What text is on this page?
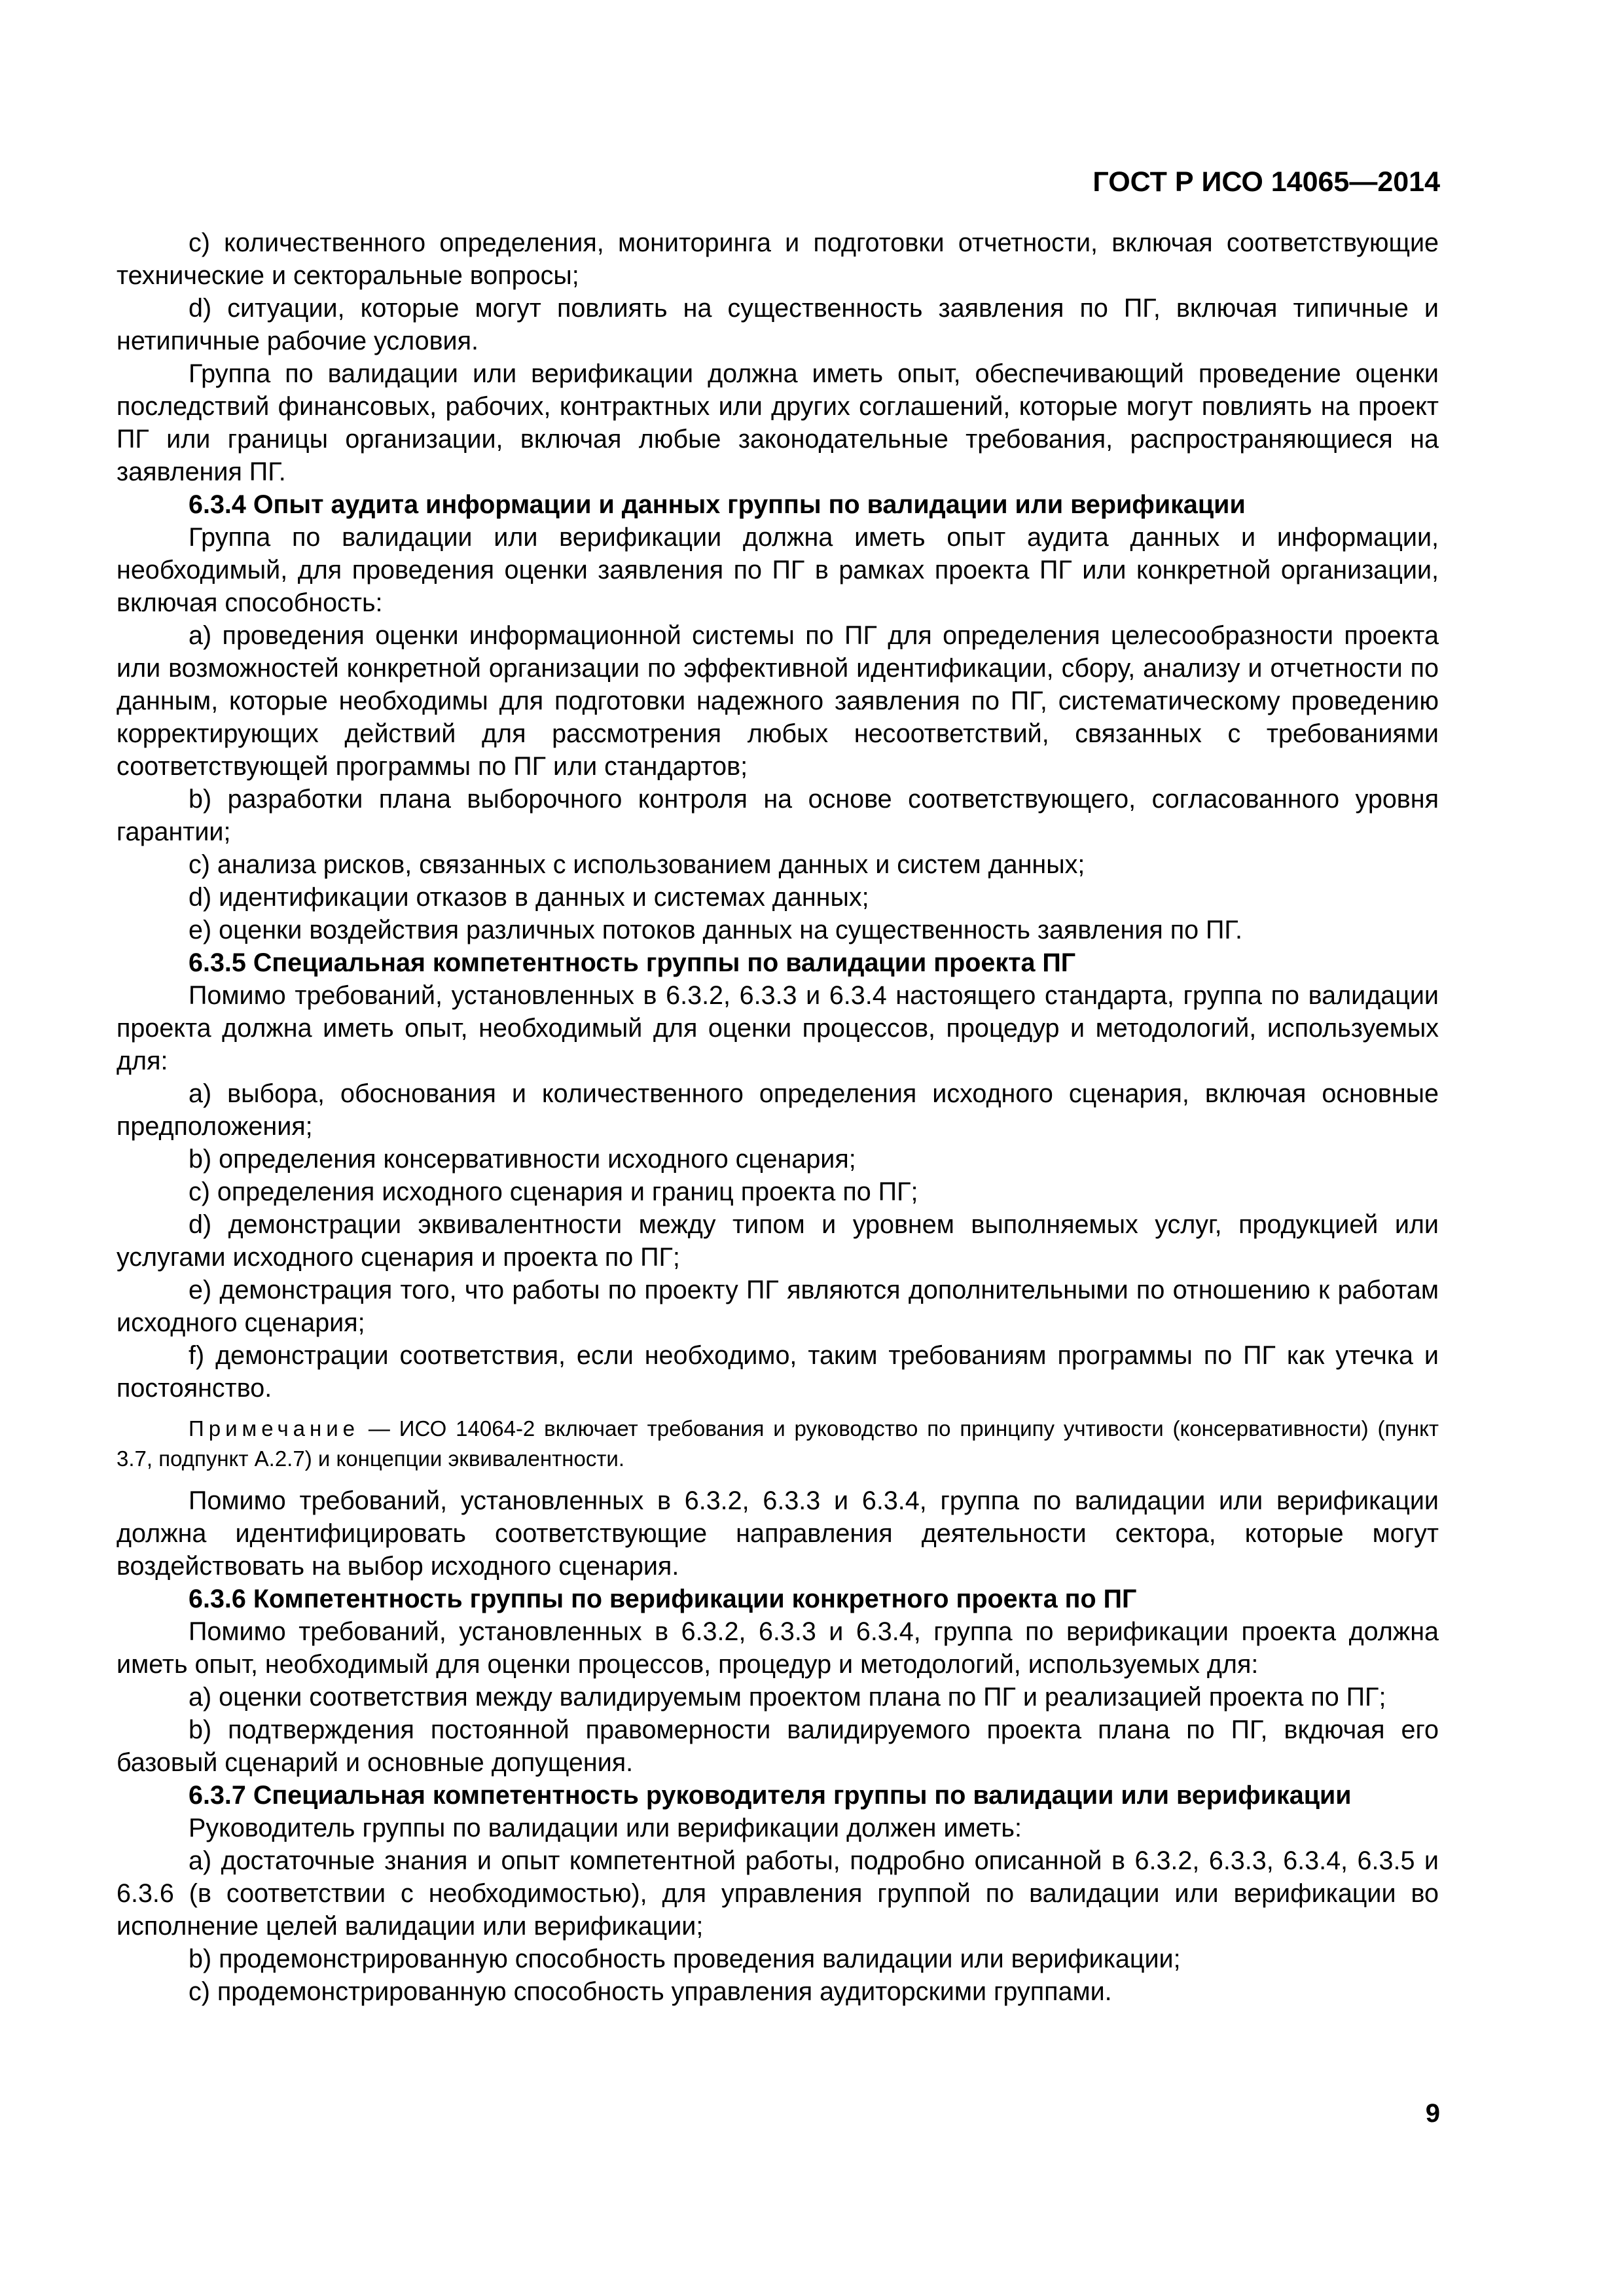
ГОСТ Р ИСО 14065—2014

c) количественного определения, мониторинга и подготовки отчетности, включая соответствующие технические и секторальные вопросы;

d) ситуации, которые могут повлиять на существенность заявления по ПГ, включая типичные и нетипичные рабочие условия.

Группа по валидации или верификации должна иметь опыт, обеспечивающий проведение оценки последствий финансовых, рабочих, контрактных или других соглашений, которые могут повлиять на проект ПГ или границы организации, включая любые законодательные требования, распространяющиеся на заявления ПГ.

6.3.4 Опыт аудита информации и данных группы по валидации или верификации

Группа по валидации или верификации должна иметь опыт аудита данных и информации, необходимый, для проведения оценки заявления по ПГ в рамках проекта ПГ или конкретной организации, включая способность:

a) проведения оценки информационной системы по ПГ для определения целесообразности проекта или возможностей конкретной организации по эффективной идентификации, сбору, анализу и отчетности по данным, которые необходимы для подготовки надежного заявления по ПГ, систематическому проведению корректирующих действий для рассмотрения любых несоответствий, связанных с требованиями соответствующей программы по ПГ или стандартов;

b) разработки плана выборочного контроля на основе соответствующего, согласованного уровня гарантии;

c) анализа рисков, связанных с использованием данных и систем данных;

d) идентификации отказов в данных и системах данных;

e) оценки воздействия различных потоков данных на существенность заявления по ПГ.

6.3.5 Специальная компетентность группы по валидации проекта ПГ

Помимо требований, установленных в 6.3.2, 6.3.3 и 6.3.4 настоящего стандарта, группа по валидации проекта должна иметь опыт, необходимый для оценки процессов, процедур и методологий, используемых для:

a) выбора, обоснования и количественного определения исходного сценария, включая основные предположения;

b) определения консервативности исходного сценария;

c) определения исходного сценария и границ проекта по ПГ;

d) демонстрации эквивалентности между типом и уровнем выполняемых услуг, продукцией или услугами исходного сценария и проекта по ПГ;

e) демонстрация того, что работы по проекту ПГ являются дополнительными по отношению к работам исходного сценария;

f) демонстрации соответствия, если необходимо, таким требованиям программы по ПГ как утечка и постоянство.

Примечание — ИСО 14064-2 включает требования и руководство по принципу учтивости (консервативности) (пункт 3.7, подпункт А.2.7) и концепции эквивалентности.

Помимо требований, установленных в 6.3.2, 6.3.3 и 6.3.4, группа по валидации или верификации должна идентифицировать соответствующие направления деятельности сектора, которые могут воздействовать на выбор исходного сценария.

6.3.6 Компетентность группы по верификации конкретного проекта по ПГ

Помимо требований, установленных в 6.3.2, 6.3.3 и 6.3.4, группа по верификации проекта должна иметь опыт, необходимый для оценки процессов, процедур и методологий, используемых для:

a) оценки соответствия между валидируемым проектом плана по ПГ и реализацией проекта по ПГ;

b) подтверждения постоянной правомерности валидируемого проекта плана по ПГ, вкдючая его базовый сценарий и основные допущения.

6.3.7 Специальная компетентность руководителя группы по валидации или верификации

Руководитель группы по валидации или верификации должен иметь:

a) достаточные знания и опыт компетентной работы, подробно описанной в 6.3.2, 6.3.3, 6.3.4, 6.3.5 и 6.3.6 (в соответствии с необходимостью), для управления группой по валидации или верификации во исполнение целей валидации или верификации;

b) продемонстрированную способность проведения валидации или верификации;

c) продемонстрированную способность управления аудиторскими группами.

9
